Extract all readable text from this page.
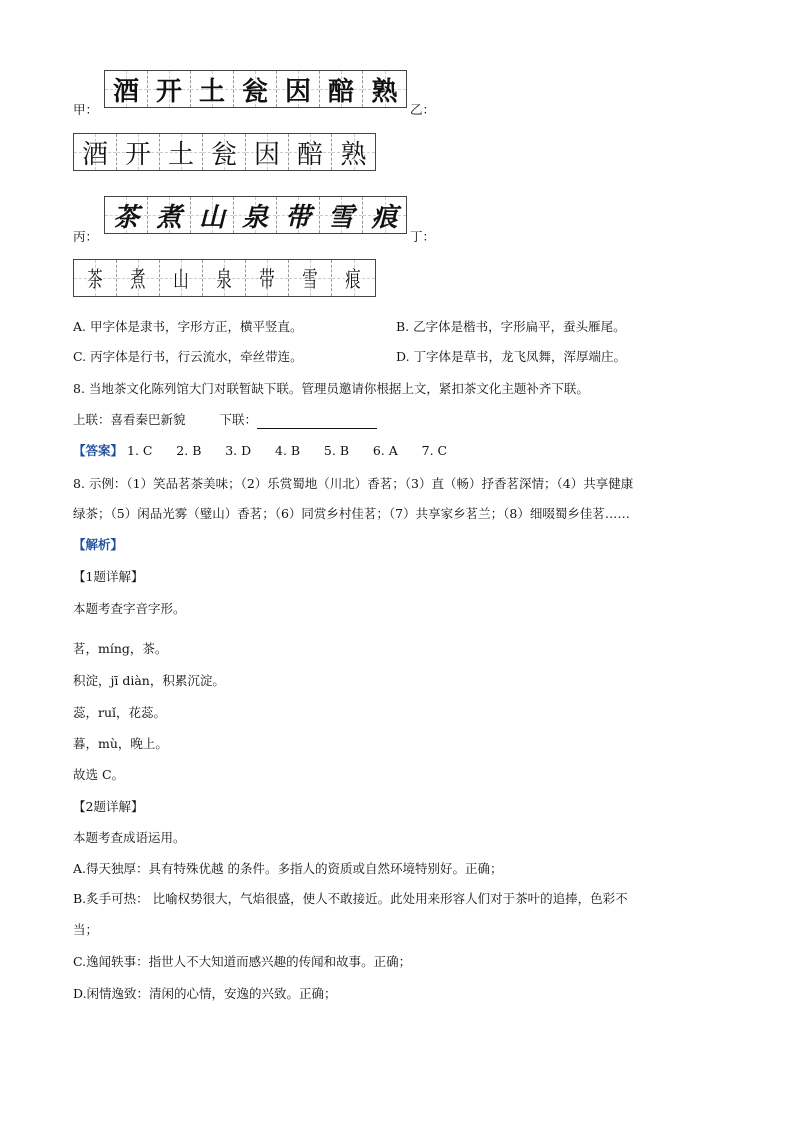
甲：
酒 开 土 瓮 因 醅 熟
乙：
酒 开 土 瓮 因 醅 熟
丙：
茶 煮 山 泉 带 雪 痕
丁：
茶 煮 山 泉 带 雪 痕
A. 甲字体是隶书，字形方正，横平竖直。	B. 乙字体是楷书，字形扁平，蚕头雁尾。
C. 丙字体是行书，行云流水，牵丝带连。	D. 丁字体是草书，龙飞凤舞，浑厚端庄。
8. 当地茶文化陈列馆大门对联暂缺下联。管理员邀请你根据上文，紧扣茶文化主题补齐下联。
上联：喜看秦巴新貌	下联：
【答案】 1. C      2. B      3. D      4. B      5. B      6. A      7. C
8. 示例：（1）笑品茗茶美味；（2）乐赏蜀地（川北）香茗；（3）直（畅）抒香茗深情；（4）共享健康
绿茶；（5）闲品光雾（璧山）香茗；（6）同赏乡村佳茗；（7）共享家乡茗兰；（8）细啜蜀乡佳茗……
【解析】
【1题详解】
本题考查字音字形。
茗，míng，茶。
积淀，jī diàn，积累沉淀。
蕊，ruǐ，花蕊。
暮，mù，晚上。
故选 C。
【2题详解】
本题考查成语运用。
A.得天独厚：具有特殊优越 的条件。多指人的资质或自然环境特别好。正确；
B.炙手可热： 比喻权势很大，气焰很盛，使人不敢接近。此处用来形容人们对于茶叶的追捧，色彩不
当；
C.逸闻轶事：指世人不大知道而感兴趣的传闻和故事。正确；
D.闲情逸致：清闲的心情，安逸的兴致。正确；
